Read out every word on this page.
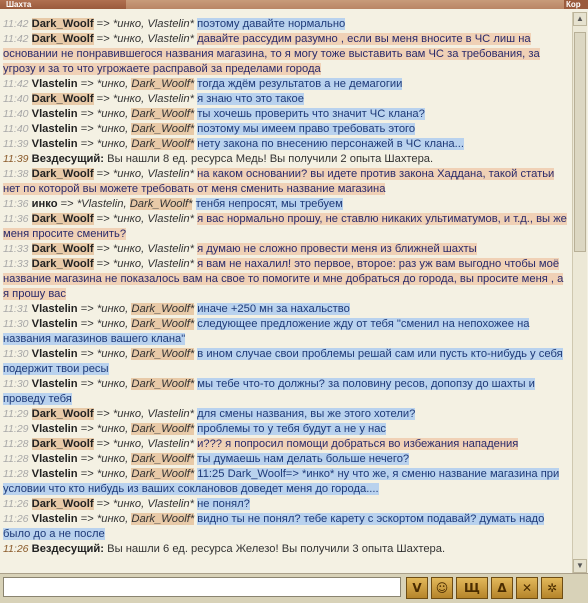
Шахта	Кор
11:42 Dark_Woolf => *инко, Vlastelin* поэтому давайте нормально
11:42 Dark_Woolf => *инко, Vlastelin* давайте рассудим разумно , если вы меня вносите в ЧС лиш на основании не понравившегося названия магазина, то я могу тоже выставить вам ЧС за требования, за угрозу и за то что угрожаете расправой за пределами города
11:42 Vlastelin => *инко, Dark_Woolf* тогда ждём результатов а не демагогии
11:40 Dark_Woolf => *инко, Vlastelin* я знаю что это такое
11:40 Vlastelin => *инко, Dark_Woolf* ты хочешь проверить что значит ЧС клана?
11:40 Vlastelin => *инко, Dark_Woolf* поэтому мы имеем право требовать этого
11:39 Vlastelin => *инко, Dark_Woolf* нету закона по внесению персонажей в ЧС клана...
11:39 Вездесущий: Вы нашли 8 ед. ресурса Медь! Вы получили 2 опыта Шахтера.
11:38 Dark_Woolf => *инко, Vlastelin* на каком основании? вы идете против закона Хаддана, такой статьи нет по которой вы можете требовать от меня сменить название магазина
11:36 инко => *Vlastelin, Dark_Woolf* тенбя непросят, мы требуем
11:36 Dark_Woolf => *инко, Vlastelin* я вас нормально прошу, не ставлю никаких ультиматумов, и т.д., вы же меня просите сменить?
11:33 Dark_Woolf => *инко, Vlastelin* я думаю не сложно провести меня из ближней шахты
11:33 Dark_Woolf => *инко, Vlastelin* я вам не нахалил! это первое, второе: раз уж вам выгодно чтобы моё название магазина не показалось вам на свое то помогите и мне добраться до города, вы просите меня , а я прошу вас
11:31 Vlastelin => *инко, Dark_Woolf* иначе +250 мн за нахальство
11:30 Vlastelin => *инко, Dark_Woolf* следующее предложение жду от тебя "сменил на непохожее на названия магазинов вашего клана"
11:30 Vlastelin => *инко, Dark_Woolf* в ином случае свои проблемы решай сам или пусть кто-нибудь у себя подержит твои ресы
11:30 Vlastelin => *инко, Dark_Woolf* мы тебе что-то должны? за половину ресов, допопзу до шахты и проведу тебя
11:29 Dark_Woolf => *инко, Vlastelin* для смены названия, вы же этого хотели?
11:29 Vlastelin => *инко, Dark_Woolf* проблемы то у тебя будут а не у нас
11:28 Dark_Woolf => *инко, Vlastelin* и??? я попросил помощи добраться во избежания нападения
11:28 Vlastelin => *инко, Dark_Woolf* ты думаешь нам делать больше нечего?
11:28 Vlastelin => *инко, Dark_Woolf* 11:25 Dark_Woolf=> *инко* ну что же, я сменю название магазина при условии что кто нибудь из ваших соклановов доведет меня до города....
11:26 Dark_Woolf => *инко, Vlastelin* не понял?
11:26 Vlastelin => *инко, Dark_Woolf* видно ты не понял? тебе карету с эскортом подавай? думать надо было до а не после
11:26 Вездесущий: Вы нашли 6 ед. ресурса Железо! Вы получили 3 опыта Шахтера.
▲
▼
V	☺	Щ	Δ	✕	✲
